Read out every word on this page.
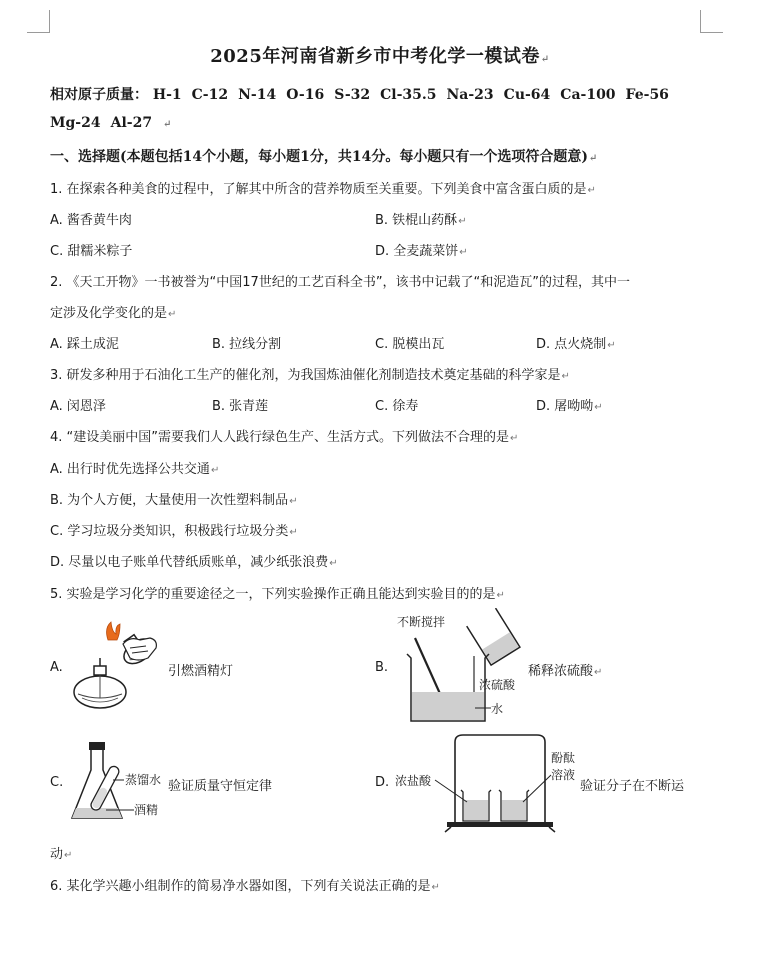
2025年河南省新乡市中考化学一模试卷↵
相对原子质量： H-1 C-12 N-14 O-16 S-32 Cl-35.5 Na-23 Cu-64 Ca-100 Fe-56
Mg-24 Al-27 ↵
一、选择题(本题包括14个小题，每小题1分，共14分。每小题只有一个选项符合题意)↵
1. 在探索各种美食的过程中，了解其中所含的营养物质至关重要。下列美食中富含蛋白质的是↵
A. 酱香黄牛肉	B. 铁棍山药酥↵
C. 甜糯米粽子	D. 全麦蔬菜饼↵
2. 《天工开物》一书被誉为“中国17世纪的工艺百科全书”，该书中记载了“和泥造瓦”的过程，其中一
定涉及化学变化的是↵
A. 踩土成泥	B. 拉线分割	C. 脱模出瓦	D. 点火烧制↵
3. 研发多种用于石油化工生产的催化剂，为我国炼油催化剂制造技术奠定基础的科学家是↵
A. 闵恩泽	B. 张青莲	C. 徐寿	D. 屠呦呦↵
4. “建设美丽中国”需要我们人人践行绿色生产、生活方式。下列做法不合理的是↵
A. 出行时优先选择公共交通↵
B. 为个人方便，大量使用一次性塑料制品↵
C. 学习垃圾分类知识，积极践行垃圾分类↵
D. 尽量以电子账单代替纸质账单，减少纸张浪费↵
5. 实验是学习化学的重要途径之一，下列实验操作正确且能达到实验目的的是↵
A.	引燃酒精灯	B.
不断搅拌
浓硫酸
水
稀释浓硫酸↵
C.	蒸馏水
酒精
验证质量守恒定律	D. 浓盐酸
酚酞
溶液
验证分子在不断运
动↵
6. 某化学兴趣小组制作的简易净水器如图，下列有关说法正确的是↵
